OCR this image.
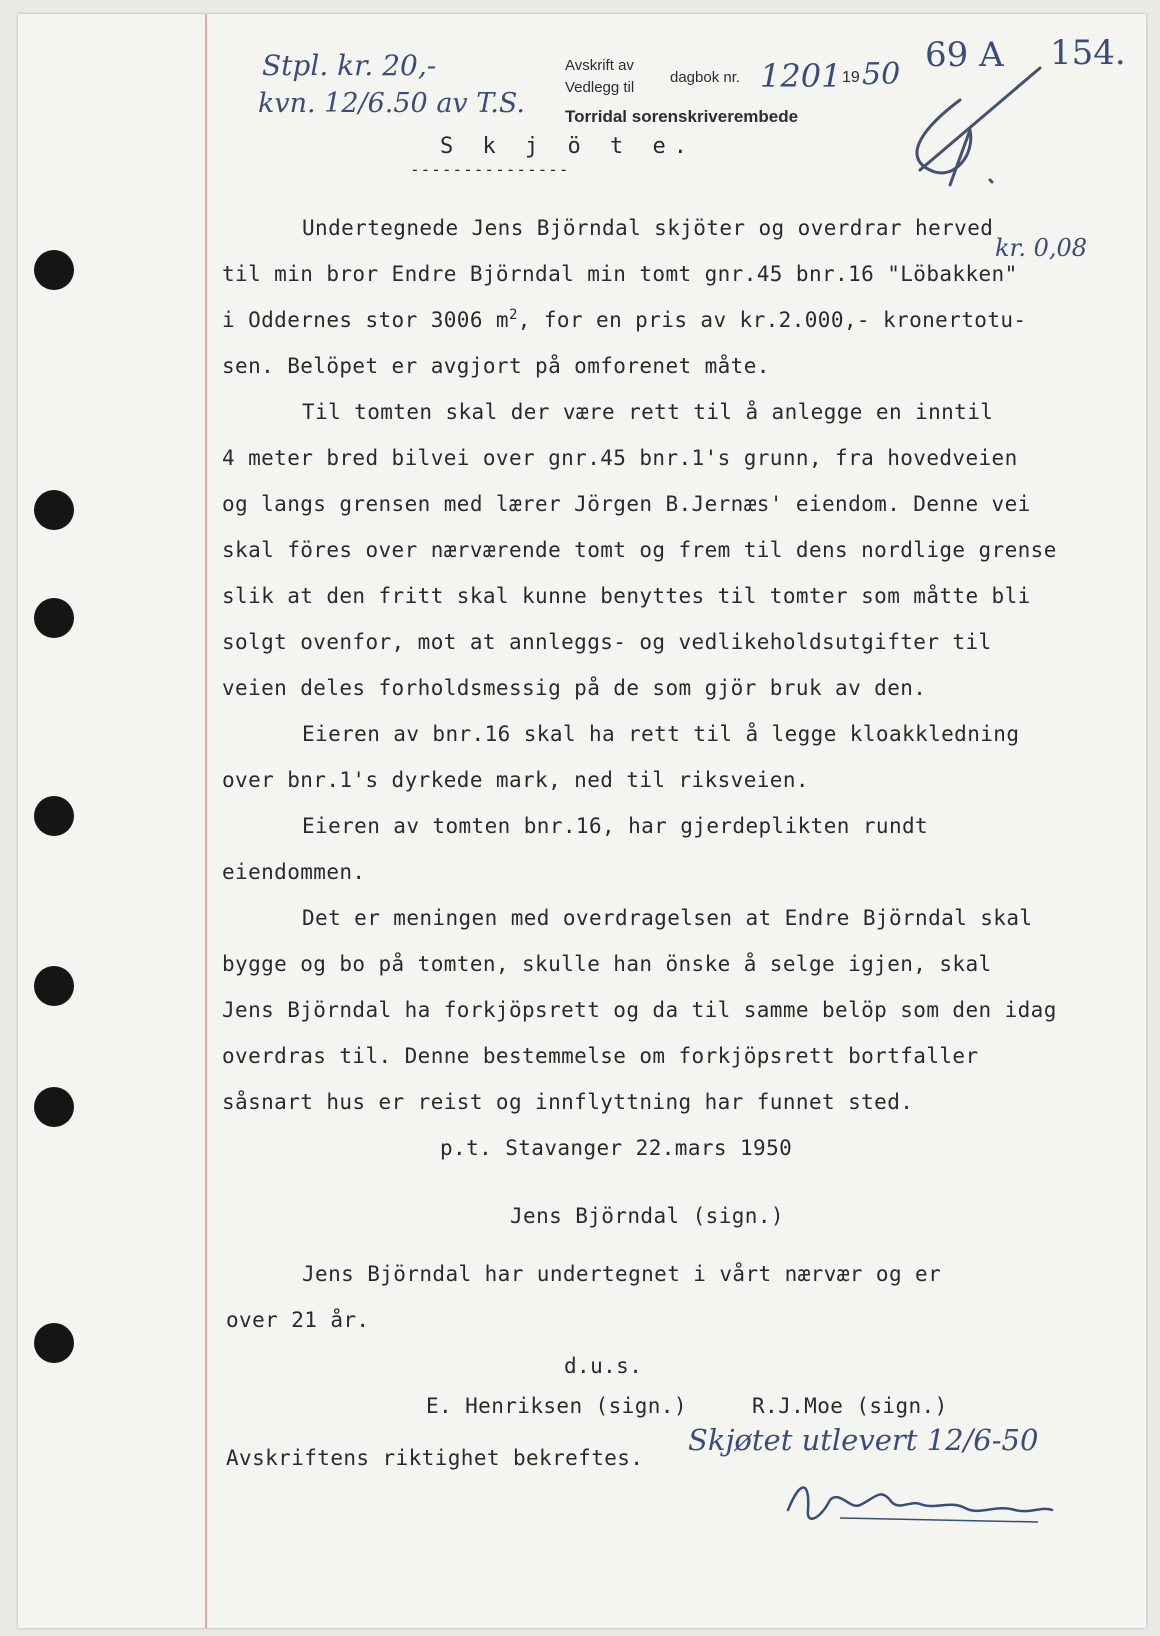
Stpl. kr. 20,-
kvn. 12/6.50 av T.S.
Avskrift av
Vedlegg til
dagbok nr. 1201 19 50
Torridal sorenskriverembede
69 A 154.
S k j ö t e.
---------------
kr. 0,08
Undertegnede Jens Björndal skjöter og overdrar herved
til min bror Endre Björndal min tomt gnr.45 bnr.16 "Löbakken"
i Oddernes stor 3006 $m^2$, for en pris av kr.2.000,- kronertotu-
sen. Belöpet er avgjort på omforenet måte.
Til tomten skal der være rett til å anlegge en inntil
4 meter bred bilvei over gnr.45 bnr.1's grunn, fra hovedveien
og langs grensen med lærer Jörgen B.Jernæs' eiendom. Denne vei
skal föres over nærværende tomt og frem til dens nordlige grense
slik at den fritt skal kunne benyttes til tomter som måtte bli
solgt ovenfor, mot at annleggs- og vedlikeholdsutgifter til
veien deles forholdsmessig på de som gjör bruk av den.
Eieren av bnr.16 skal ha rett til å legge kloakkledning
over bnr.1's dyrkede mark, ned til riksveien.
Eieren av tomten bnr.16, har gjerdeplikten rundt
eiendommen.
Det er meningen med overdragelsen at Endre Björndal skal
bygge og bo på tomten, skulle han önske å selge igjen, skal
Jens Björndal ha forkjöpsrett og da til samme belöp som den idag
overdras til. Denne bestemmelse om forkjöpsrett bortfaller
såsnart hus er reist og innflyttning har funnet sted.
p.t. Stavanger 22.mars 1950
Jens Björndal (sign.)
Jens Björndal har undertegnet i vårt nærvær og er
over 21 år.
d.u.s.
E. Henriksen (sign.)	R.J.Moe (sign.)
Avskriftens riktighet bekreftes.
Skjøtet utlevert 12/6-50
